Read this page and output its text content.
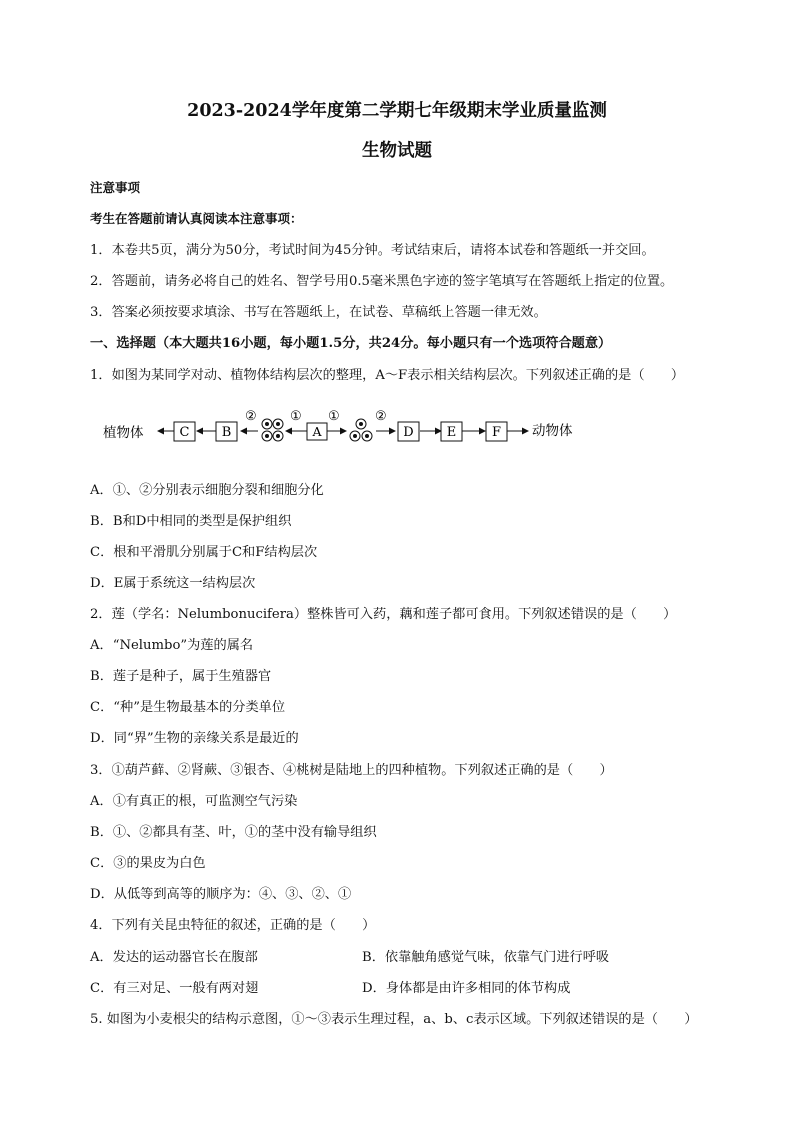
2023-2024学年度第二学期七年级期末学业质量监测
生物试题
注意事项
考生在答题前请认真阅读本注意事项：
1．本卷共5页，满分为50分，考试时间为45分钟。考试结束后，请将本试卷和答题纸一并交回。
2．答题前，请务必将自己的姓名、智学号用0.5毫米黑色字迹的签字笔填写在答题纸上指定的位置。
3．答案必须按要求填涂、书写在答题纸上，在试卷、草稿纸上答题一律无效。
一、选择题（本大题共16小题，每小题1.5分，共24分。每小题只有一个选项符合题意）
1．如图为某同学对动、植物体结构层次的整理，A～F表示相关结构层次。下列叙述正确的是（　　）
植物体	C B	A	D	E	F
②	① ①	②
动物体
A．①、②分别表示细胞分裂和细胞分化
B．B和D中相同的类型是保护组织
C．根和平滑肌分别属于C和F结构层次
D．E属于系统这一结构层次
2．莲（学名：Nelumbonucifera）整株皆可入药，藕和莲子都可食用。下列叙述错误的是（　　）
A．“Nelumbo”为莲的属名
B．莲子是种子，属于生殖器官
C．“种”是生物最基本的分类单位
D．同“界”生物的亲缘关系是最近的
3．①葫芦藓、②肾蕨、③银杏、④桃树是陆地上的四种植物。下列叙述正确的是（　　）
A．①有真正的根，可监测空气污染
B．①、②都具有茎、叶，①的茎中没有输导组织
C．③的果皮为白色
D．从低等到高等的顺序为：④、③、②、①
4．下列有关昆虫特征的叙述，正确的是（　　）
A．发达的运动器官长在腹部	B．依靠触角感觉气味，依靠气门进行呼吸
C．有三对足、一般有两对翅	D．身体都是由许多相同的体节构成
5. 如图为小麦根尖的结构示意图，①～③表示生理过程，a、b、c表示区域。下列叙述错误的是（　　）
